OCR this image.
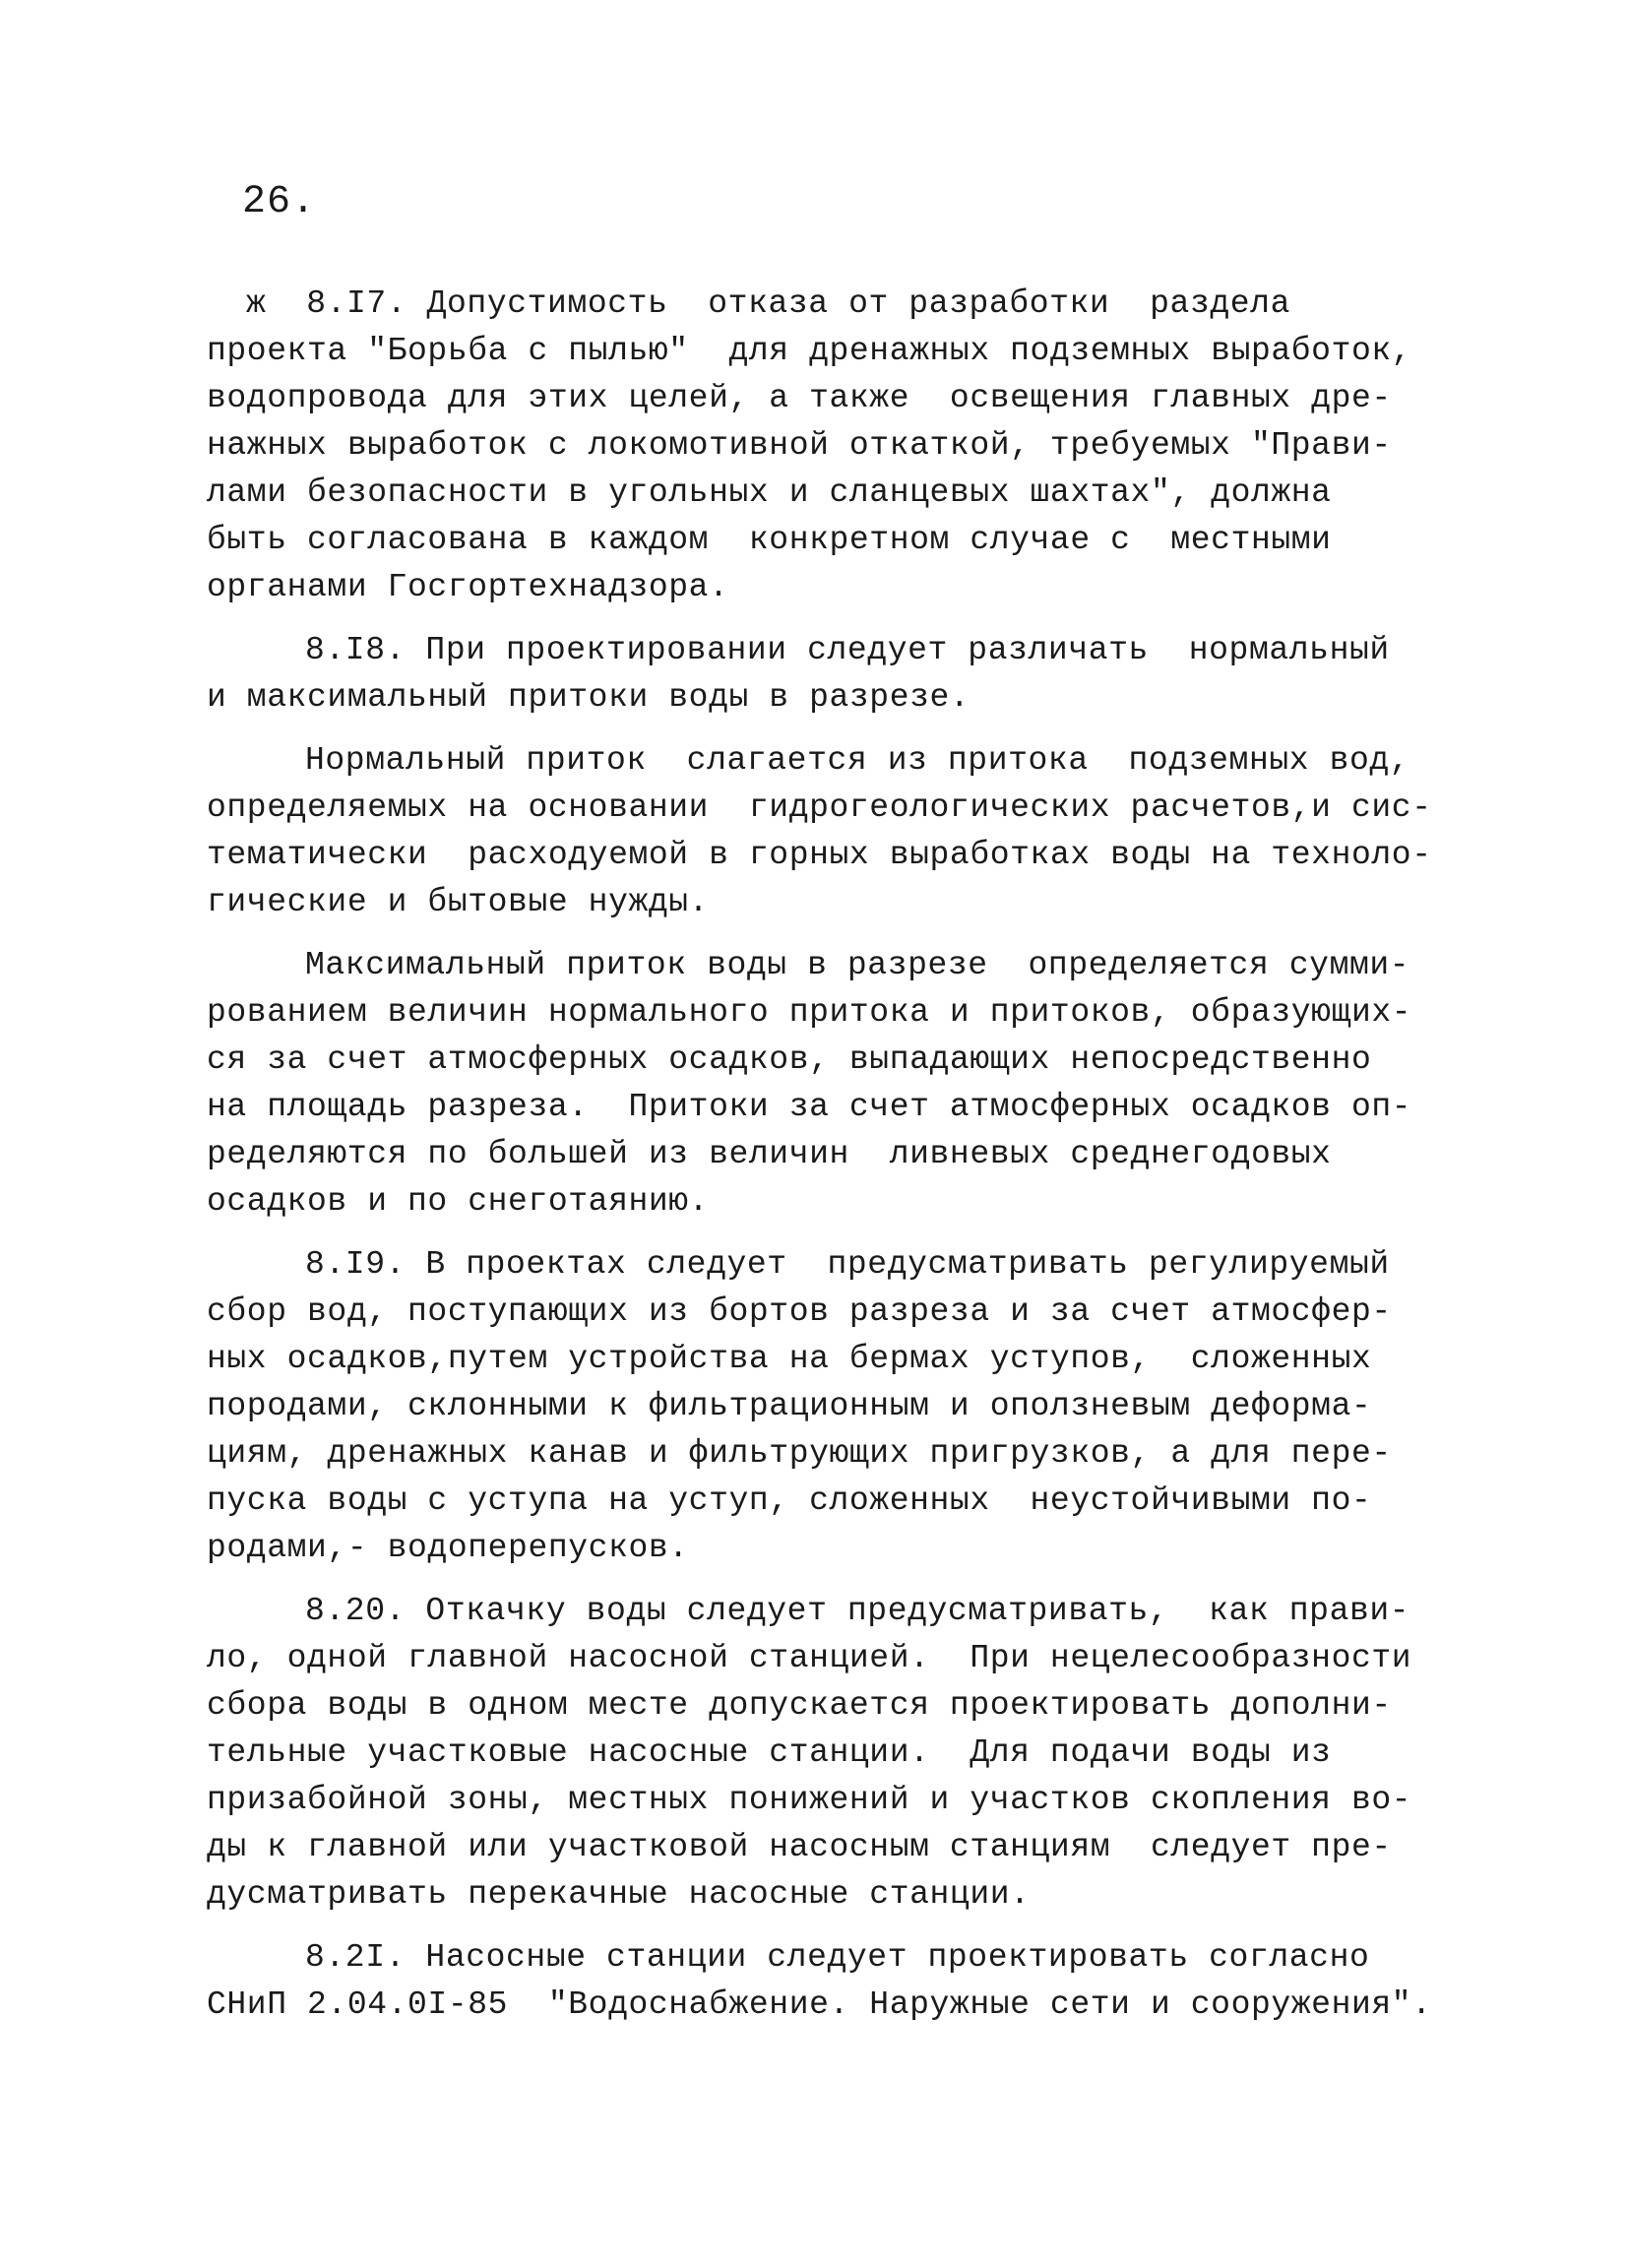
26.
ж  8.I7. Допустимость  отказа от разработки  раздела
проекта "Борьба с пылью"  для дренажных подземных выработок,
водопровода для этих целей, а также  освещения главных дре-
нажных выработок с локомотивной откаткой, требуемых "Прави-
лами безопасности в угольных и сланцевых шахтах", должна
быть согласована в каждом  конкретном случае с  местными
органами Госгортехнадзора.
8.I8. При проектировании следует различать  нормальный
и максимальный притоки воды в разрезе.
Нормальный приток  слагается из притока  подземных вод,
определяемых на основании  гидрогеологических расчетов,и сис-
тематически  расходуемой в горных выработках воды на техноло-
гические и бытовые нужды.
Максимальный приток воды в разрезе  определяется сумми-
рованием величин нормального притока и притоков, образующих-
ся за счет атмосферных осадков, выпадающих непосредственно
на площадь разреза.  Притоки за счет атмосферных осадков оп-
ределяются по большей из величин  ливневых среднегодовых
осадков и по снеготаянию.
8.I9. В проектах следует  предусматривать регулируемый
сбор вод, поступающих из бортов разреза и за счет атмосфер-
ных осадков,путем устройства на бермах уступов,  сложенных
породами, склонными к фильтрационным и оползневым деформа-
циям, дренажных канав и фильтрующих пригрузков, а для пере-
пуска воды с уступа на уступ, сложенных  неустойчивыми по-
родами,- водоперепусков.
8.20. Откачку воды следует предусматривать,  как прави-
ло, одной главной насосной станцией.  При нецелесообразности
сбора воды в одном месте допускается проектировать дополни-
тельные участковые насосные станции.  Для подачи воды из
призабойной зоны, местных понижений и участков скопления во-
ды к главной или участковой насосным станциям  следует пре-
дусматривать перекачные насосные станции.
8.2I. Насосные станции следует проектировать согласно
СНиП 2.04.0I-85  "Водоснабжение. Наружные сети и сооружения".
